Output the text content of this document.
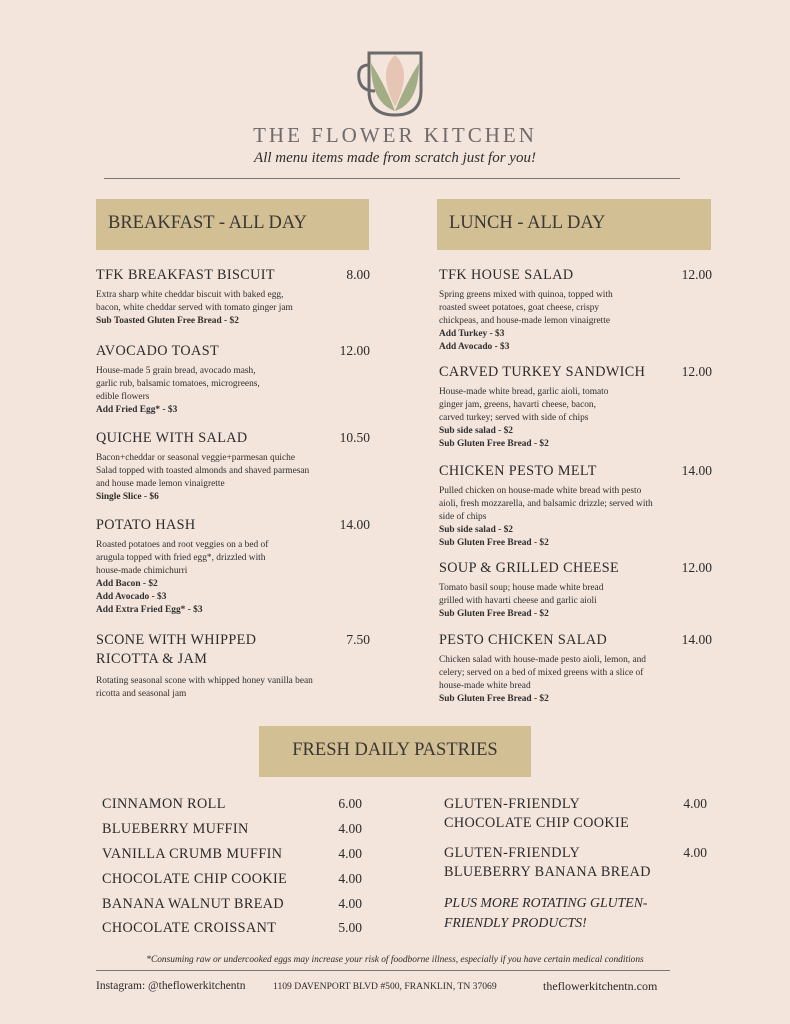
THE FLOWER KITCHEN
All menu items made from scratch just for you!
BREAKFAST - ALL DAY	LUNCH - ALL DAY
TFK BREAKFAST BISCUIT	8.00
Extra sharp white cheddar biscuit with baked egg,
bacon, white cheddar served with tomato ginger jam
Sub Toasted Gluten Free Bread - $2
AVOCADO TOAST	12.00
House-made 5 grain bread, avocado mash,
garlic rub, balsamic tomatoes, microgreens,
edible flowers
Add Fried Egg* - $3
QUICHE WITH SALAD	10.50
Bacon+cheddar or seasonal veggie+parmesan quiche
Salad topped with toasted almonds and shaved parmesan
and house made lemon vinaigrette
Single Slice - $6
POTATO HASH	14.00
Roasted potatoes and root veggies on a bed of
arugula topped with fried egg*, drizzled with
house-made chimichurri
Add Bacon - $2
Add Avocado - $3
Add Extra Fried Egg* - $3
SCONE WITH WHIPPED
RICOTTA & JAM
7.50
Rotating seasonal scone with whipped honey vanilla bean
ricotta and seasonal jam
TFK HOUSE SALAD	12.00
Spring greens mixed with quinoa, topped with
roasted sweet potatoes, goat cheese, crispy
chickpeas, and house-made lemon vinaigrette
Add Turkey - $3
Add Avocado - $3
CARVED TURKEY SANDWICH	12.00
House-made white bread, garlic aioli, tomato
ginger jam, greens, havarti cheese, bacon,
carved turkey; served with side of chips
Sub side salad - $2
Sub Gluten Free Bread - $2
CHICKEN PESTO MELT	14.00
Pulled chicken on house-made white bread with pesto
aioli, fresh mozzarella, and balsamic drizzle; served with
side of chips
Sub side salad - $2
Sub Gluten Free Bread - $2
SOUP & GRILLED CHEESE	12.00
Tomato basil soup; house made white bread
grilled with havarti cheese and garlic aioli
Sub Gluten Free Bread - $2
PESTO CHICKEN SALAD	14.00
Chicken salad with house-made pesto aioli, lemon, and
celery; served on a bed of mixed greens with a slice of
house-made white bread
Sub Gluten Free Bread - $2
FRESH DAILY PASTRIES
CINNAMON ROLL	6.00
BLUEBERRY MUFFIN	4.00
VANILLA CRUMB MUFFIN	4.00
CHOCOLATE CHIP COOKIE	4.00
BANANA WALNUT BREAD	4.00
CHOCOLATE CROISSANT	5.00
GLUTEN-FRIENDLY
CHOCOLATE CHIP COOKIE
4.00
GLUTEN-FRIENDLY
BLUEBERRY BANANA BREAD
4.00
PLUS MORE ROTATING GLUTEN-
FRIENDLY PRODUCTS!
*Consuming raw or undercooked eggs may increase your risk of foodborne illness, especially if you have certain medical conditions
Instagram: @theflowerkitchentn	1109 DAVENPORT BLVD #500, FRANKLIN, TN 37069	theflowerkitchentn.com
